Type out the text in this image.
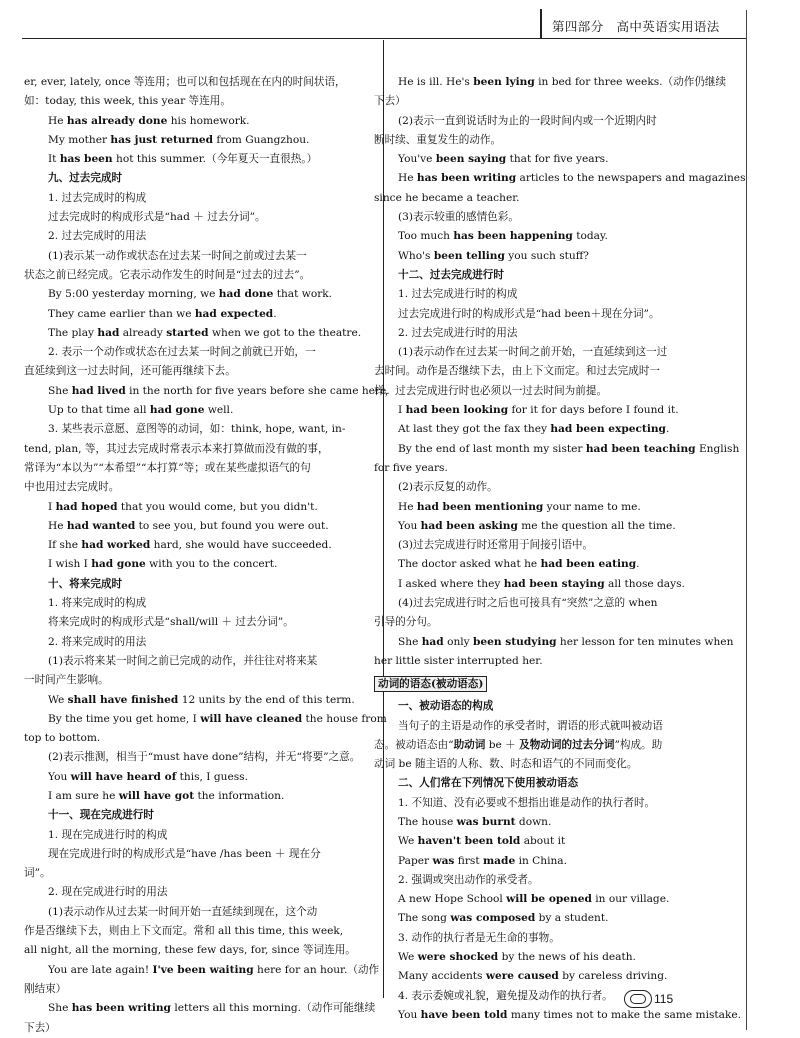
第四部分　高中英语实用语法
er, ever, lately, once 等连用；也可以和包括现在在内的时间状语，
如：today, this week, this year 等连用。
He has already done his homework.
My mother has just returned from Guangzhou.
It has been hot this summer.（今年夏天一直很热。）
九、过去完成时
1. 过去完成时的构成
过去完成时的构成形式是“had ＋ 过去分词”。
2. 过去完成时的用法
(1)表示某一动作或状态在过去某一时间之前或过去某一
状态之前已经完成。它表示动作发生的时间是“过去的过去”。
By 5:00 yesterday morning, we had done that work.
They came earlier than we had expected.
The play had already started when we got to the theatre.
2. 表示一个动作或状态在过去某一时间之前就已开始，一
直延续到这一过去时间，还可能再继续下去。
She had lived in the north for five years before she came here.
Up to that time all had gone well.
3. 某些表示意愿、意图等的动词，如：think, hope, want, in-
tend, plan, 等，其过去完成时常表示本来打算做而没有做的事，
常译为“本以为”“本希望”“本打算”等；或在某些虚拟语气的句
中也用过去完成时。
I had hoped that you would come, but you didn't.
He had wanted to see you, but found you were out.
If she had worked hard, she would have succeeded.
I wish I had gone with you to the concert.
十、将来完成时
1. 将来完成时的构成
将来完成时的构成形式是“shall/will ＋ 过去分词”。
2. 将来完成时的用法
(1)表示将来某一时间之前已完成的动作，并往往对将来某
一时间产生影响。
We shall have finished 12 units by the end of this term.
By the time you get home, I will have cleaned the house from
top to bottom.
(2)表示推测，相当于“must have done”结构，并无“将要”之意。
You will have heard of this, I guess.
I am sure he will have got the information.
十一、现在完成进行时
1. 现在完成进行时的构成
现在完成进行时的构成形式是“have /has been ＋ 现在分
词”。
2. 现在完成进行时的用法
(1)表示动作从过去某一时间开始一直延续到现在，这个动
作是否继续下去，则由上下文而定。常和 all this time, this week,
all night, all the morning, these few days, for, since 等词连用。
You are late again! I've been waiting here for an hour.（动作
刚结束）
She has been writing letters all this morning.（动作可能继续
下去）
He is ill. He's been lying in bed for three weeks.（动作仍继续
下去）
(2)表示一直到说话时为止的一段时间内或一个近期内时
断时续、重复发生的动作。
You've been saying that for five years.
He has been writing articles to the newspapers and magazines
since he became a teacher.
(3)表示较重的感情色彩。
Too much has been happening today.
Who's been telling you such stuff?
十二、过去完成进行时
1. 过去完成进行时的构成
过去完成进行时的构成形式是“had been＋现在分词”。
2. 过去完成进行时的用法
(1)表示动作在过去某一时间之前开始，一直延续到这一过
去时间。动作是否继续下去，由上下文而定。和过去完成时一
样，过去完成进行时也必须以一过去时间为前提。
I had been looking for it for days before I found it.
At last they got the fax they had been expecting.
By the end of last month my sister had been teaching English
for five years.
(2)表示反复的动作。
He had been mentioning your name to me.
You had been asking me the question all the time.
(3)过去完成进行时还常用于间接引语中。
The doctor asked what he had been eating.
I asked where they had been staying all those days.
(4)过去完成进行时之后也可接具有“突然”之意的 when
引导的分句。
She had only been studying her lesson for ten minutes when
her little sister interrupted her.
动词的语态(被动语态)
一、被动语态的构成
当句子的主语是动作的承受者时，谓语的形式就叫被动语
态。被动语态由“助动词 be ＋ 及物动词的过去分词”构成。助
动词 be 随主语的人称、数、时态和语气的不同而变化。
二、人们常在下列情况下使用被动语态
1. 不知道、没有必要或不想指出谁是动作的执行者时。
The house was burnt down.
We haven't been told about it
Paper was first made in China.
2. 强调或突出动作的承受者。
A new Hope School will be opened in our village.
The song was composed by a student.
3. 动作的执行者是无生命的事物。
We were shocked by the news of his death.
Many accidents were caused by careless driving.
4. 表示委婉或礼貌，避免提及动作的执行者。
You have been told many times not to make the same mistake.
115
